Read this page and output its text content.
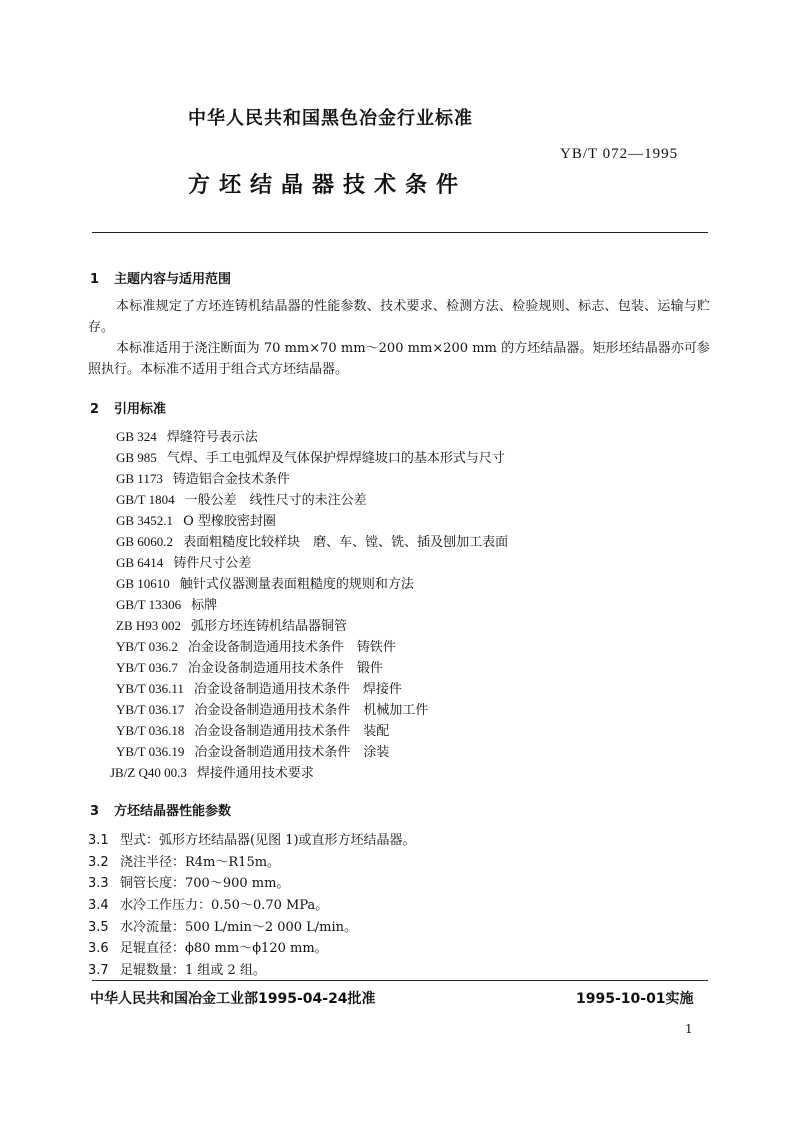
中华人民共和国黑色冶金行业标准
YB/T 072—1995
方坯结晶器技术条件
1 主题内容与适用范围

本标准规定了方坯连铸机结晶器的性能参数、技术要求、检测方法、检验规则、标志、包装、运输与贮存。

本标准适用于浇注断面为 70 mm×70 mm～200 mm×200 mm 的方坯结晶器。矩形坯结晶器亦可参照执行。本标准不适用于组合式方坯结晶器。

2 引用标准
GB 324 焊缝符号表示法
GB 985 气焊、手工电弧焊及气体保护焊焊缝坡口的基本形式与尺寸
GB 1173 铸造铝合金技术条件
GB/T 1804 一般公差　线性尺寸的未注公差
GB 3452.1 O 型橡胶密封圈
GB 6060.2 表面粗糙度比较样块　磨、车、镗、铣、插及刨加工表面
GB 6414 铸件尺寸公差
GB 10610 触针式仪器测量表面粗糙度的规则和方法
GB/T 13306 标牌
ZB H93 002 弧形方坯连铸机结晶器铜管
YB/T 036.2 冶金设备制造通用技术条件　铸铁件
YB/T 036.7 冶金设备制造通用技术条件　锻件
YB/T 036.11 冶金设备制造通用技术条件　焊接件
YB/T 036.17 冶金设备制造通用技术条件　机械加工件
YB/T 036.18 冶金设备制造通用技术条件　装配
YB/T 036.19 冶金设备制造通用技术条件　涂装
JB/Z Q40 00.3 焊接件通用技术要求
3 方坯结晶器性能参数
3.1 型式：弧形方坯结晶器(见图 1)或直形方坯结晶器。
3.2 浇注半径：R4m～R15m。
3.3 铜管长度：700～900 mm。
3.4 水冷工作压力：0.50～0.70 MPa。
3.5 水冷流量：500 L/min～2 000 L/min。
3.6 足辊直径：ϕ80 mm～ϕ120 mm。
3.7 足辊数量：1 组或 2 组。
中华人民共和国冶金工业部1995-04-24批准	1995-10-01实施
1
